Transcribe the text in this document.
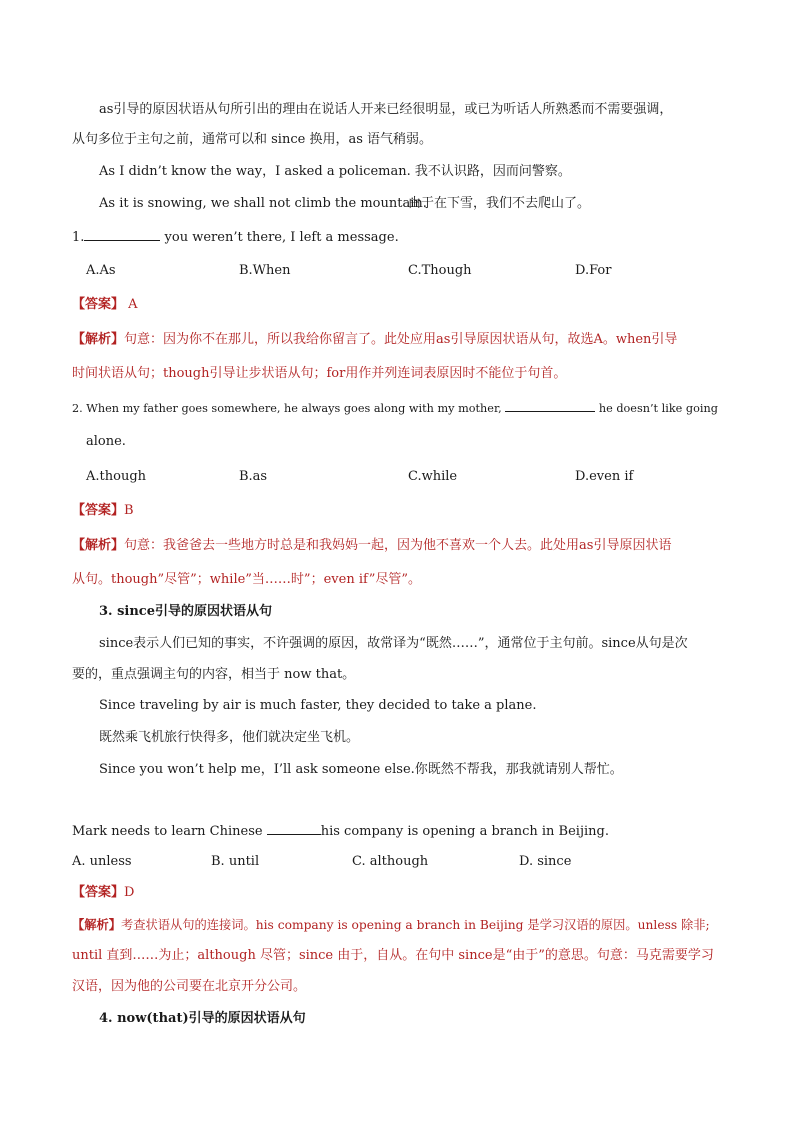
as引导的原因状语从句所引出的理由在说话人开来已经很明显，或已为听话人所熟悉而不需要强调，
从句多位于主句之前，通常可以和 since 换用，as 语气稍弱。
As I didn’t know the way，I asked a policeman. 我不认识路，因而问警察。
As it is snowing, we shall not climb the mountain.
由于在下雪，我们不去爬山了。
1.	you weren’t there, I left a message.
A.As	B.When	C.Though	D.For
【答案】 A
【解析】句意：因为你不在那儿，所以我给你留言了。此处应用as引导原因状语从句，故选A。when引导
时间状语从句；though引导让步状语从句；for用作并列连词表原因时不能位于句首。
2. When my father goes somewhere, he always goes along with my mother,	he doesn’t like going
alone.
A.though	B.as	C.while	D.even if
【答案】B
【解析】句意：我爸爸去一些地方时总是和我妈妈一起，因为他不喜欢一个人去。此处用as引导原因状语
从句。though”尽管”；while”当……时”；even if”尽管”。
3. since引导的原因状语从句
since表示人们已知的事实，不许强调的原因，故常译为“既然……”，通常位于主句前。since从句是次
要的，重点强调主句的内容，相当于 now that。
Since traveling by air is much faster, they decided to take a plane.
既然乘飞机旅行快得多，他们就决定坐飞机。
Since you won’t help me，I’ll ask someone else.你既然不帮我，那我就请别人帮忙。
Mark needs to learn Chinese	his company is opening a branch in Beijing.
A. unless	B. until	C. although	D. since
【答案】D
【解析】考查状语从句的连接词。his company is opening a branch in Beijing 是学习汉语的原因。unless 除非;
until 直到……为止；although 尽管；since 由于，自从。在句中 since是“由于”的意思。句意：马克需要学习
汉语，因为他的公司要在北京开分公司。
4. now(that)引导的原因状语从句
